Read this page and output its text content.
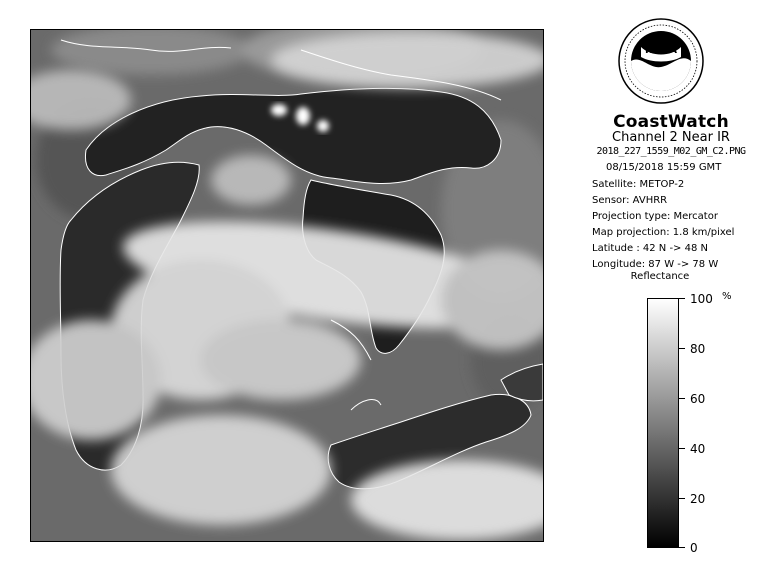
NOAA
CoastWatch
Channel 2 Near IR
2018_227_1559_M02_GM_C2.PNG
08/15/2018 15:59 GMT
Satellite: METOP-2
Sensor: AVHRR
Projection type: Mercator
Map projection: 1.8 km/pixel
Latitude : 42 N -> 48 N
Longitude: 87 W -> 78 W
Reflectance
%
100
80
60
40
20
0
